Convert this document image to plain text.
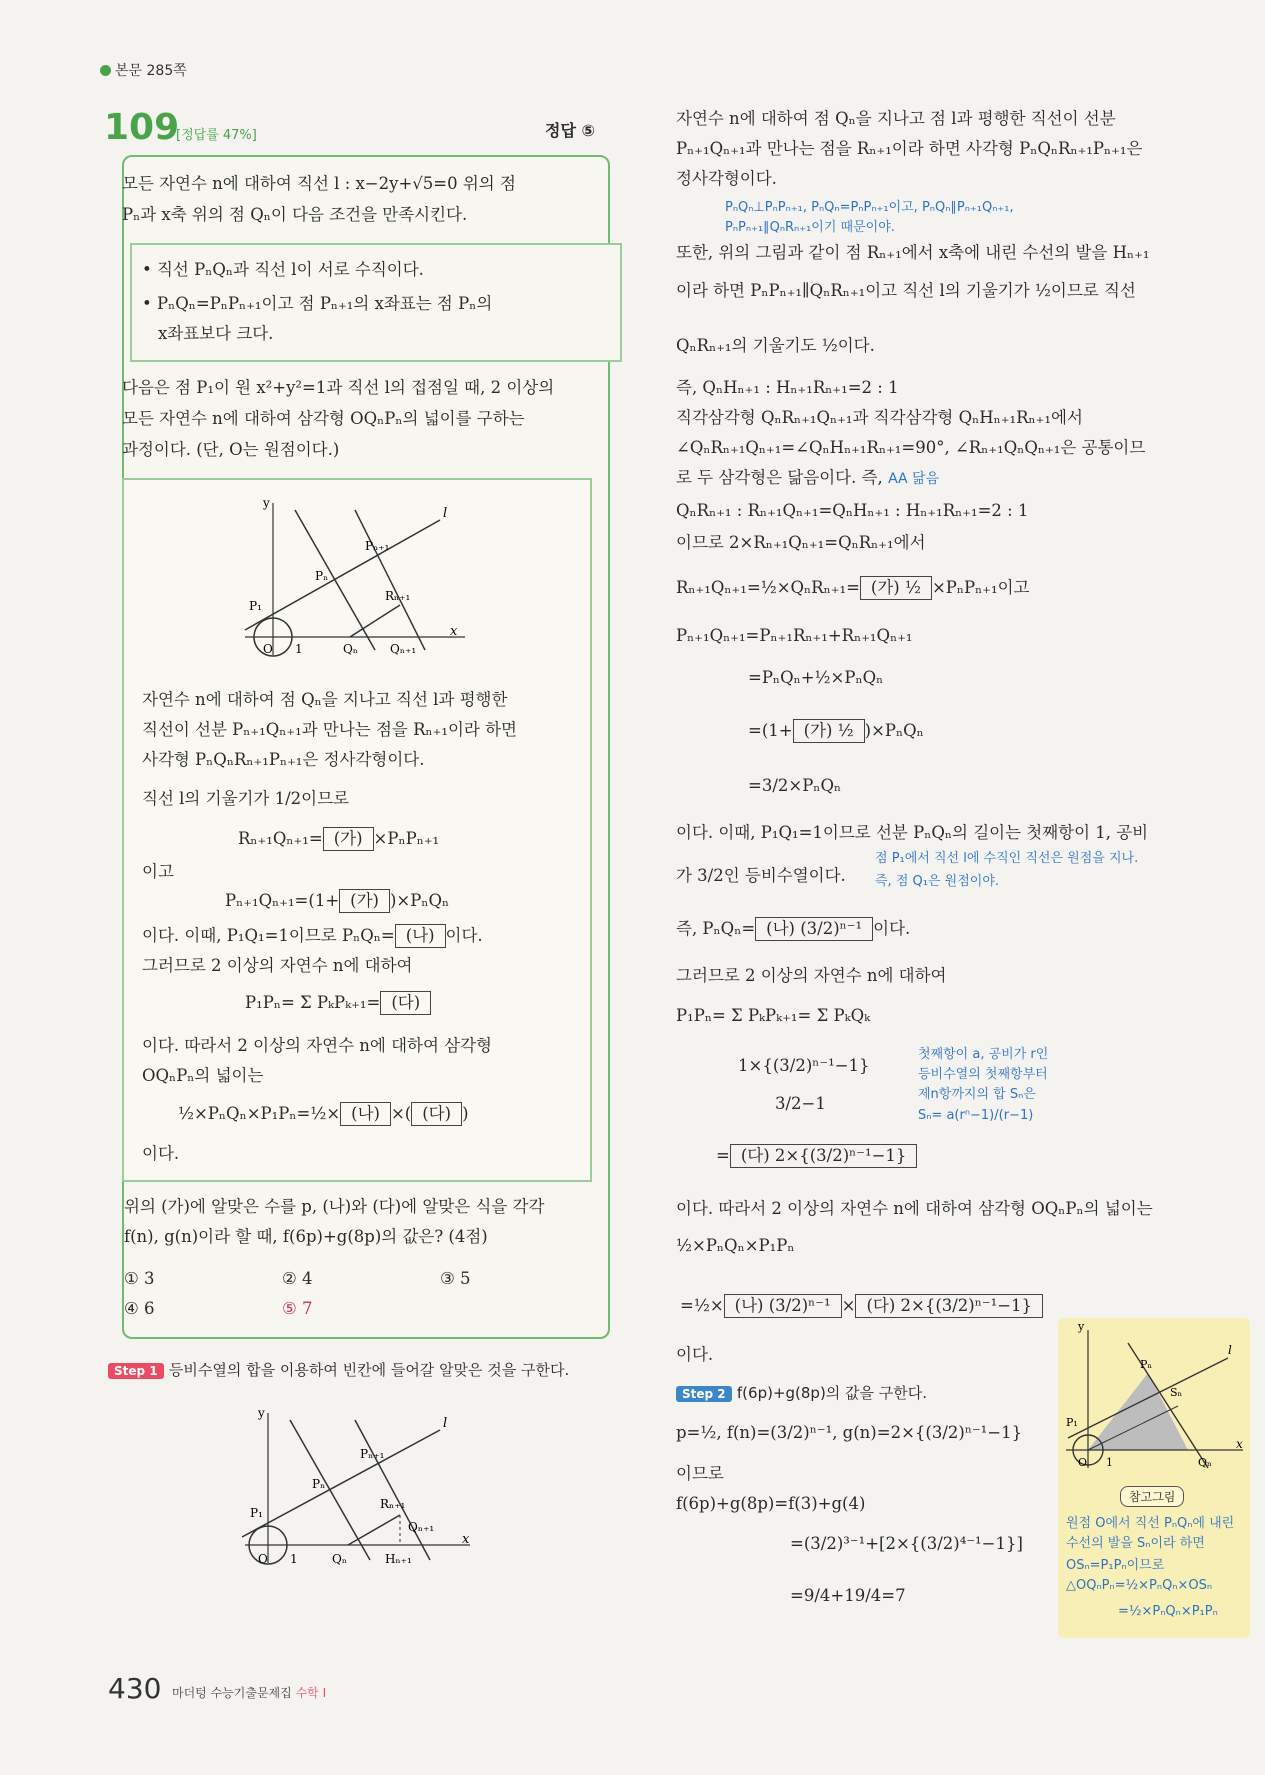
본문 285쪽
109
[정답률 47%]	정답 ⑤
모든 자연수 n에 대하여 직선 l : x−2y+√5=0 위의 점
Pₙ과 x축 위의 점 Qₙ이 다음 조건을 만족시킨다.
• 직선 PₙQₙ과 직선 l이 서로 수직이다.
• PₙQₙ=PₙPₙ₊₁이고 점 Pₙ₊₁의 x좌표는 점 Pₙ의
x좌표보다 크다.
다음은 점 P₁이 원 x²+y²=1과 직선 l의 접점일 때, 2 이상의
모든 자연수 n에 대하여 삼각형 OQₙPₙ의 넓이를 구하는
과정이다. (단, O는 원점이다.)
y
x
l
O 1
P₁
Pₙ
Pₙ₊₁
Rₙ₊₁
Qₙ	Qₙ₊₁
자연수 n에 대하여 점 Qₙ을 지나고 직선 l과 평행한
직선이 선분 Pₙ₊₁Qₙ₊₁과 만나는 점을 Rₙ₊₁이라 하면
사각형 PₙQₙRₙ₊₁Pₙ₊₁은 정사각형이다.
직선 l의 기울기가 1/2이므로
Rₙ₊₁Qₙ₊₁= (가) ×PₙPₙ₊₁
이고
Pₙ₊₁Qₙ₊₁=(1+ (가) )×PₙQₙ
이다. 이때, P₁Q₁=1이므로 PₙQₙ= (나) 이다.
그러므로 2 이상의 자연수 n에 대하여
P₁Pₙ= Σ PₖPₖ₊₁= (다)
이다. 따라서 2 이상의 자연수 n에 대하여 삼각형
OQₙPₙ의 넓이는
½×PₙQₙ×P₁Pₙ=½× (나) ×( (다) )
이다.
위의 (가)에 알맞은 수를 p, (나)와 (다)에 알맞은 식을 각각
f(n), g(n)이라 할 때, f(6p)+g(8p)의 값은? (4점)
① 3	② 4	③ 5
④ 6	⑤ 7
Step 1 등비수열의 합을 이용하여 빈칸에 들어갈 알맞은 것을 구한다.
y
x
l
O 1
P₁
Pₙ
Pₙ₊₁
Rₙ₊₁
Qₙ
Qₙ₊₁
Hₙ₊₁
자연수 n에 대하여 점 Qₙ을 지나고 점 l과 평행한 직선이 선분
Pₙ₊₁Qₙ₊₁과 만나는 점을 Rₙ₊₁이라 하면 사각형 PₙQₙRₙ₊₁Pₙ₊₁은
정사각형이다.
PₙQₙ⊥PₙPₙ₊₁, PₙQₙ=PₙPₙ₊₁이고, PₙQₙ∥Pₙ₊₁Qₙ₊₁,
PₙPₙ₊₁∥QₙRₙ₊₁이기 때문이야.
또한, 위의 그림과 같이 점 Rₙ₊₁에서 x축에 내린 수선의 발을 Hₙ₊₁
이라 하면 PₙPₙ₊₁∥QₙRₙ₊₁이고 직선 l의 기울기가 ½이므로 직선
QₙRₙ₊₁의 기울기도 ½이다.
즉, QₙHₙ₊₁ : Hₙ₊₁Rₙ₊₁=2 : 1
직각삼각형 QₙRₙ₊₁Qₙ₊₁과 직각삼각형 QₙHₙ₊₁Rₙ₊₁에서
∠QₙRₙ₊₁Qₙ₊₁=∠QₙHₙ₊₁Rₙ₊₁=90°, ∠Rₙ₊₁QₙQₙ₊₁은 공통이므
로 두 삼각형은 닮음이다. 즉, AA 닮음
QₙRₙ₊₁ : Rₙ₊₁Qₙ₊₁=QₙHₙ₊₁ : Hₙ₊₁Rₙ₊₁=2 : 1
이므로 2×Rₙ₊₁Qₙ₊₁=QₙRₙ₊₁에서
Rₙ₊₁Qₙ₊₁=½×QₙRₙ₊₁= (가) ½ ×PₙPₙ₊₁이고
Pₙ₊₁Qₙ₊₁=Pₙ₊₁Rₙ₊₁+Rₙ₊₁Qₙ₊₁
=PₙQₙ+½×PₙQₙ
=(1+ (가) ½ )×PₙQₙ
=3/2×PₙQₙ
이다. 이때, P₁Q₁=1이므로 선분 PₙQₙ의 길이는 첫째항이 1, 공비
가 3/2인 등비수열이다.
점 P₁에서 직선 l에 수직인 직선은 원점을 지나.
즉, 점 Q₁은 원점이야.
즉, PₙQₙ= (나) (3/2)ⁿ⁻¹ 이다.
그러므로 2 이상의 자연수 n에 대하여
P₁Pₙ= Σ PₖPₖ₊₁= Σ PₖQₖ
1×{(3/2)ⁿ⁻¹−1}
3/2−1
첫째항이 a, 공비가 r인
등비수열의 첫째항부터
제n항까지의 합 Sₙ은
Sₙ= a(rⁿ−1)/(r−1)
= (다) 2×{(3/2)ⁿ⁻¹−1}
이다. 따라서 2 이상의 자연수 n에 대하여 삼각형 OQₙPₙ의 넓이는
½×PₙQₙ×P₁Pₙ
=½× (나) (3/2)ⁿ⁻¹ × (다) 2×{(3/2)ⁿ⁻¹−1}
이다.
Step 2 f(6p)+g(8p)의 값을 구한다.
p=½, f(n)=(3/2)ⁿ⁻¹, g(n)=2×{(3/2)ⁿ⁻¹−1}
이므로
f(6p)+g(8p)=f(3)+g(4)
=(3/2)³⁻¹+[2×{(3/2)⁴⁻¹−1}]
=9/4+19/4=7
y
x
l
O 1
P₁
Pₙ
Sₙ
Qₙ
참고그림
원점 O에서 직선 PₙQₙ에 내린
수선의 발을 Sₙ이라 하면
OSₙ=P₁Pₙ이므로
△OQₙPₙ=½×PₙQₙ×OSₙ
=½×PₙQₙ×P₁Pₙ
430 마더텅 수능기출문제집 수학 I
